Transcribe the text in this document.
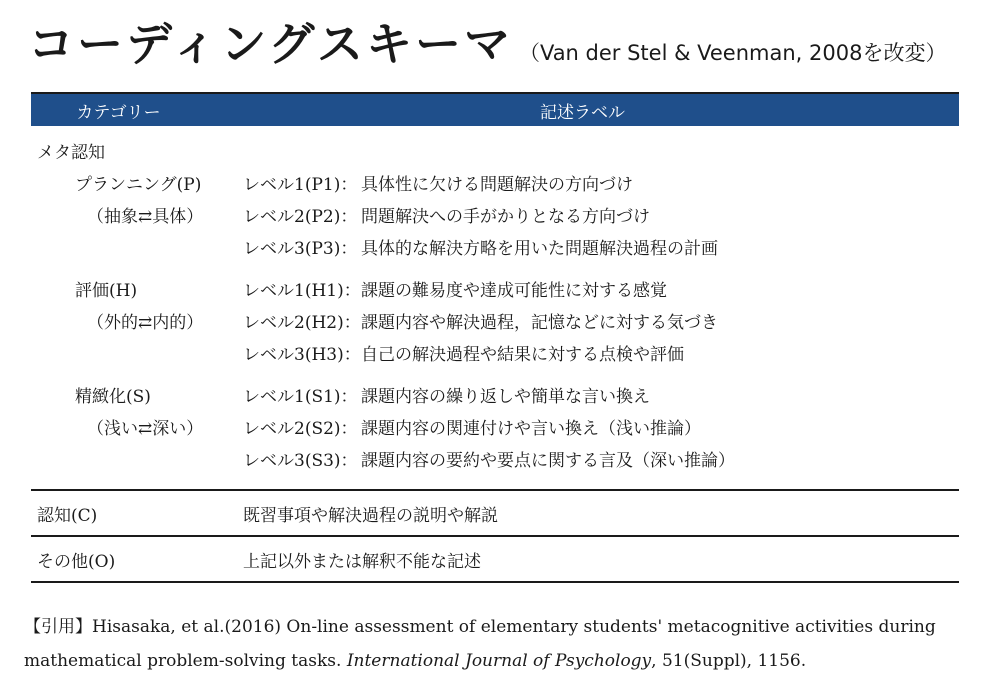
コーディングスキーマ （Van der Stel & Veenman, 2008を改変）
カテゴリー	記述ラベル
メタ認知
プランニング(P)
（抽象⇄具体）
レベル1(P1)： 具体性に欠ける問題解決の方向づけ
レベル2(P2)： 問題解決への手がかりとなる方向づけ
レベル3(P3)： 具体的な解決方略を用いた問題解決過程の計画
評価(H)
（外的⇄内的）
レベル1(H1)： 課題の難易度や達成可能性に対する感覚
レベル2(H2)： 課題内容や解決過程，記憶などに対する気づき
レベル3(H3)： 自己の解決過程や結果に対する点検や評価
精緻化(S)
（浅い⇄深い）
レベル1(S1)： 課題内容の繰り返しや簡単な言い換え
レベル2(S2)： 課題内容の関連付けや言い換え（浅い推論）
レベル3(S3)： 課題内容の要約や要点に関する言及（深い推論）
認知(C)	既習事項や解決過程の説明や解説
その他(O)	上記以外または解釈不能な記述
【引用】Hisasaka, et al.(2016) On-line assessment of elementary students' metacognitive activities during mathematical problem-solving tasks. International Journal of Psychology, 51(Suppl), 1156.
